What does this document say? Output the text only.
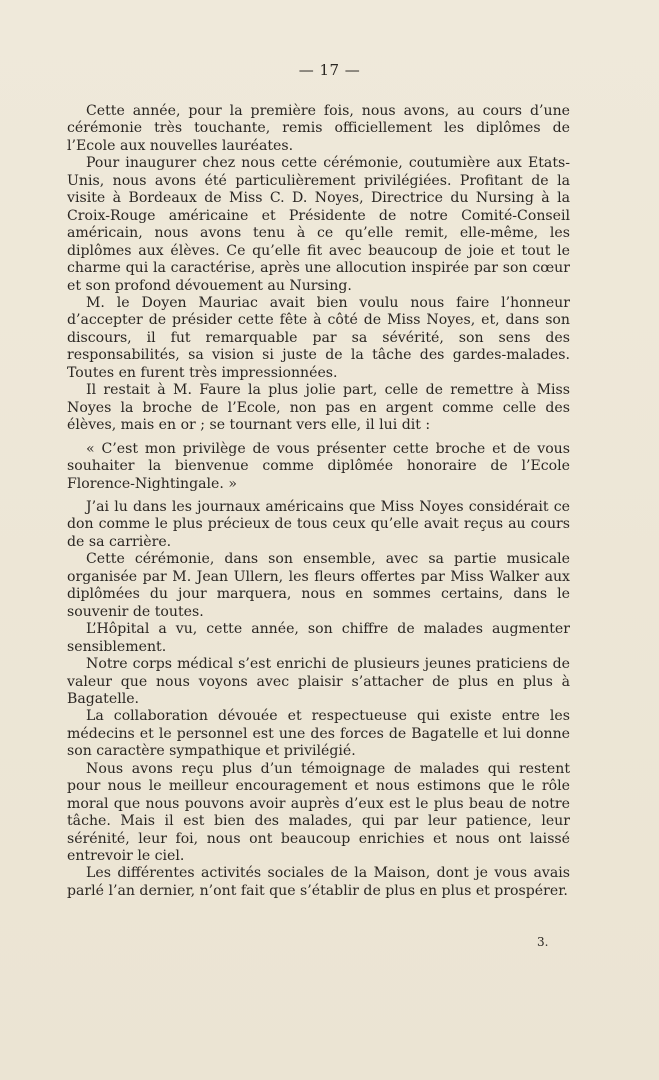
— 17 —

Cette année, pour la première fois, nous avons, au cours d’une cérémonie très touchante, remis officiellement les diplômes de l’Ecole aux nouvelles lauréates.

Pour inaugurer chez nous cette cérémonie, coutumière aux Etats-Unis, nous avons été particulièrement privilégiées. Profitant de la visite à Bordeaux de Miss C. D. Noyes, Directrice du Nursing à la Croix-Rouge américaine et Présidente de notre Comité-Conseil américain, nous avons tenu à ce qu’elle remit, elle-même, les diplômes aux élèves. Ce qu’elle fit avec beaucoup de joie et tout le charme qui la caractérise, après une allocution inspirée par son cœur et son profond dévouement au Nursing.

M. le Doyen Mauriac avait bien voulu nous faire l’honneur d’accepter de présider cette fête à côté de Miss Noyes, et, dans son discours, il fut remarquable par sa sévérité, son sens des responsabilités, sa vision si juste de la tâche des gardes-malades. Toutes en furent très impressionnées.

Il restait à M. Faure la plus jolie part, celle de remettre à Miss Noyes la broche de l’Ecole, non pas en argent comme celle des élèves, mais en or ; se tournant vers elle, il lui dit :

« C’est mon privilège de vous présenter cette broche et de vous souhaiter la bienvenue comme diplômée honoraire de l’Ecole Florence-Nightingale. »

J’ai lu dans les journaux américains que Miss Noyes considérait ce don comme le plus précieux de tous ceux qu’elle avait reçus au cours de sa carrière.

Cette cérémonie, dans son ensemble, avec sa partie musicale organisée par M. Jean Ullern, les fleurs offertes par Miss Walker aux diplômées du jour marquera, nous en sommes certains, dans le souvenir de toutes.

L’Hôpital a vu, cette année, son chiffre de malades augmenter sensiblement.

Notre corps médical s’est enrichi de plusieurs jeunes praticiens de valeur que nous voyons avec plaisir s’attacher de plus en plus à Bagatelle.

La collaboration dévouée et respectueuse qui existe entre les médecins et le personnel est une des forces de Bagatelle et lui donne son caractère sympathique et privilégié.

Nous avons reçu plus d’un témoignage de malades qui restent pour nous le meilleur encouragement et nous estimons que le rôle moral que nous pouvons avoir auprès d’eux est le plus beau de notre tâche. Mais il est bien des malades, qui par leur patience, leur sérénité, leur foi, nous ont beaucoup enrichies et nous ont laissé entrevoir le ciel.

Les différentes activités sociales de la Maison, dont je vous avais parlé l’an dernier, n’ont fait que s’établir de plus en plus et prospérer.

3.
